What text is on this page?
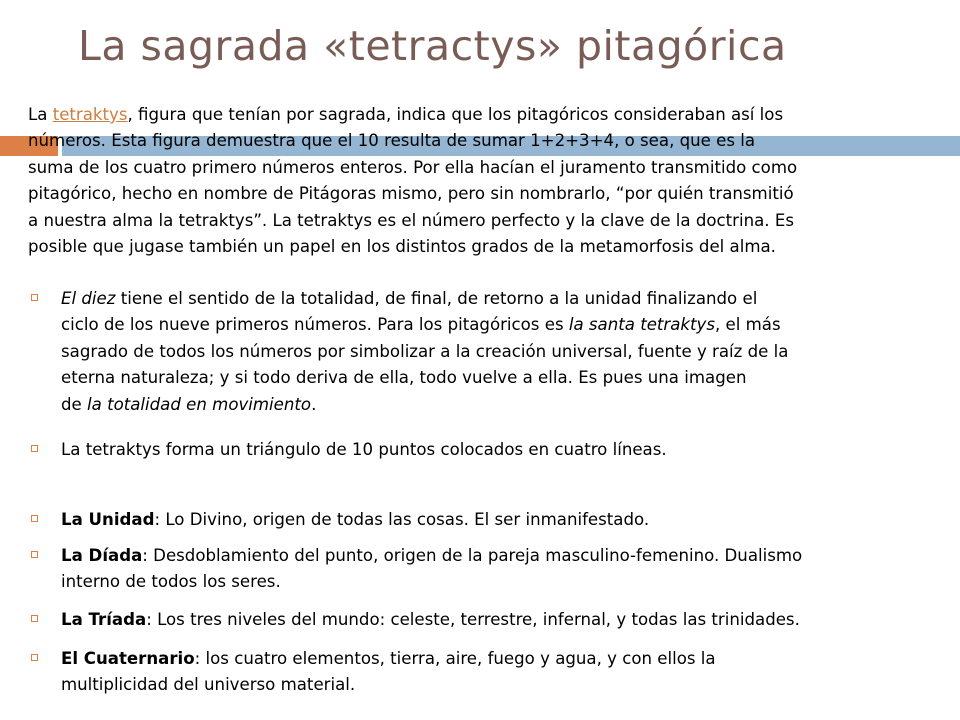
La sagrada «tetractys» pitagórica

La tetraktys, figura que tenían por sagrada, indica que los pitagóricos consideraban así los
números. Esta figura demuestra que el 10 resulta de sumar 1+2+3+4, o sea, que es la
suma de los cuatro primero números enteros. Por ella hacían el juramento transmitido como
pitagórico, hecho en nombre de Pitágoras mismo, pero sin nombrarlo, “por quién transmitió
a nuestra alma la tetraktys”. La tetraktys es el número perfecto y la clave de la doctrina. Es
posible que jugase también un papel en los distintos grados de la metamorfosis del alma.

El diez tiene el sentido de la totalidad, de final, de retorno a la unidad finalizando el
ciclo de los nueve primeros números. Para los pitagóricos es la santa tetraktys, el más
sagrado de todos los números por simbolizar a la creación universal, fuente y raíz de la
eterna naturaleza; y si todo deriva de ella, todo vuelve a ella. Es pues una imagen
de la totalidad en movimiento.
La tetraktys forma un triángulo de 10 puntos colocados en cuatro líneas.
La Unidad: Lo Divino, origen de todas las cosas. El ser inmanifestado.
La Díada: Desdoblamiento del punto, origen de la pareja masculino-femenino. Dualismo
interno de todos los seres.
La Tríada: Los tres niveles del mundo: celeste, terrestre, infernal, y todas las trinidades.
El Cuaternario: los cuatro elementos, tierra, aire, fuego y agua, y con ellos la
multiplicidad del universo material.
